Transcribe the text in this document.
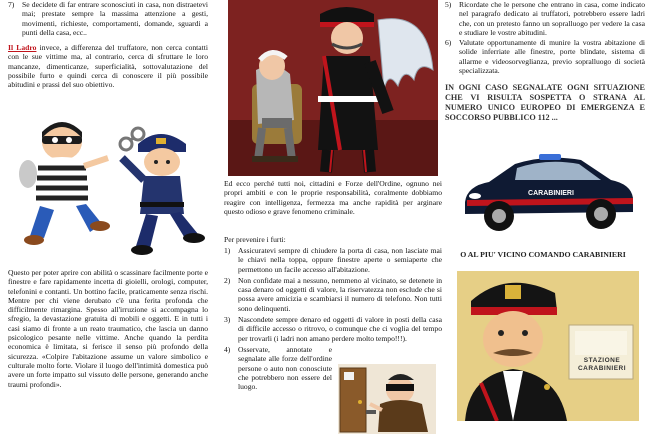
7)	Se decidete di far entrare sconosciuti in casa, non distraetevi mai; prestate sempre la massima attenzione a gesti, movimenti, richieste, comportamenti, domande, sguardi a punti della casa, ecc..

Il Ladro invece, a differenza del truffatore, non cerca contatti con le sue vittime ma, al contrario, cerca di sfruttare le loro mancanze, dimenticanze, superficialità, sottovalutazione del possibile furto e quindi cerca di conoscere il più possibile abitudini e prassi del suo obiettivo.

Questo per poter aprire con abilità o scassinare facilmente porte e finestre e fare rapidamente incetta di gioielli, orologi, computer, telefonini e contanti. Un bottino facile, praticamente senza rischi. Mentre per chi viene derubato c'è una ferita profonda che difficilmente rimarginа. Spesso all'irruzione si accompagna lo sfregio, la devastazione gratuita di mobili e oggetti. E in tutti i casi siamo di fronte a un reato traumatico, che lascia un danno psicologico pesante nelle vittime. Anche quando la perdita economica è limitata, si ferisce il senso più profondo della sicurezza. «Colpire l'abitazione assume un valore simbolico e culturale molto forte. Violare il luogo dell'intimità domestica può avere un forte impatto sul vissuto delle persone, generando anche traumi profondi».

Ed ecco perché tutti noi, cittadini e Forze dell'Ordine, ognuno nei propri ambiti e con le proprie responsabilità, coralmente dobbiamo reagire con intelligenza, fermezza ma anche rapidità per arginare questo odioso e grave fenomeno criminale.

Per prevenire i furti:

1)	Assicuratevi sempre di chiudere la porta di casa, non lasciate mai le chiavi nella toppa, oppure finestre aperte o semiaperte che permettono un facile accesso all'abitazione.
2)	Non confidate mai a nessuno, nemmeno al vicinato, se detenete in casa denaro od oggetti di valore, la riservatezza non esclude che si possa avere amicizia e scambiarsi il numero di telefono. Non tutti sono delinquenti.
3)	Nascondete sempre denaro ed oggetti di valore in posti della casa di difficile accesso o ritrovo, o comunque che ci voglia del tempo per trovarli (i ladri non amano perdere molto tempo!!!).
4)	Osservate, annotate e segnalate alle forze dell'ordine persone o auto non conosciute che potrebbero non essere del luogo.
5)	Ricordate che le persone che entrano in casa, come indicato nel paragrafo dedicato ai truffatori, potrebbero essere ladri che, con un pretesto fanno un sopralluogo per vedere la casa e studiare le vostre abitudini.
6)	Valutate opportunamente di munire la vostra abitazione di solide inferriate alle finestre, porte blindate, sistema di allarme e videosorveglianza, previo sopralluogo di società specializzata.

IN OGNI CASO SEGNALATE OGNI SITUAZIONE CHE VI RISULTA SOSPETTA O STRANA AL NUMERO UNICO EUROPEO DI EMERGENZA E SOCCORSO PUBBLICO 112 ...

CARABINIERI

O AL PIU' VICINO COMANDO CARABINIERI

STAZIONE
CARABINIERI
